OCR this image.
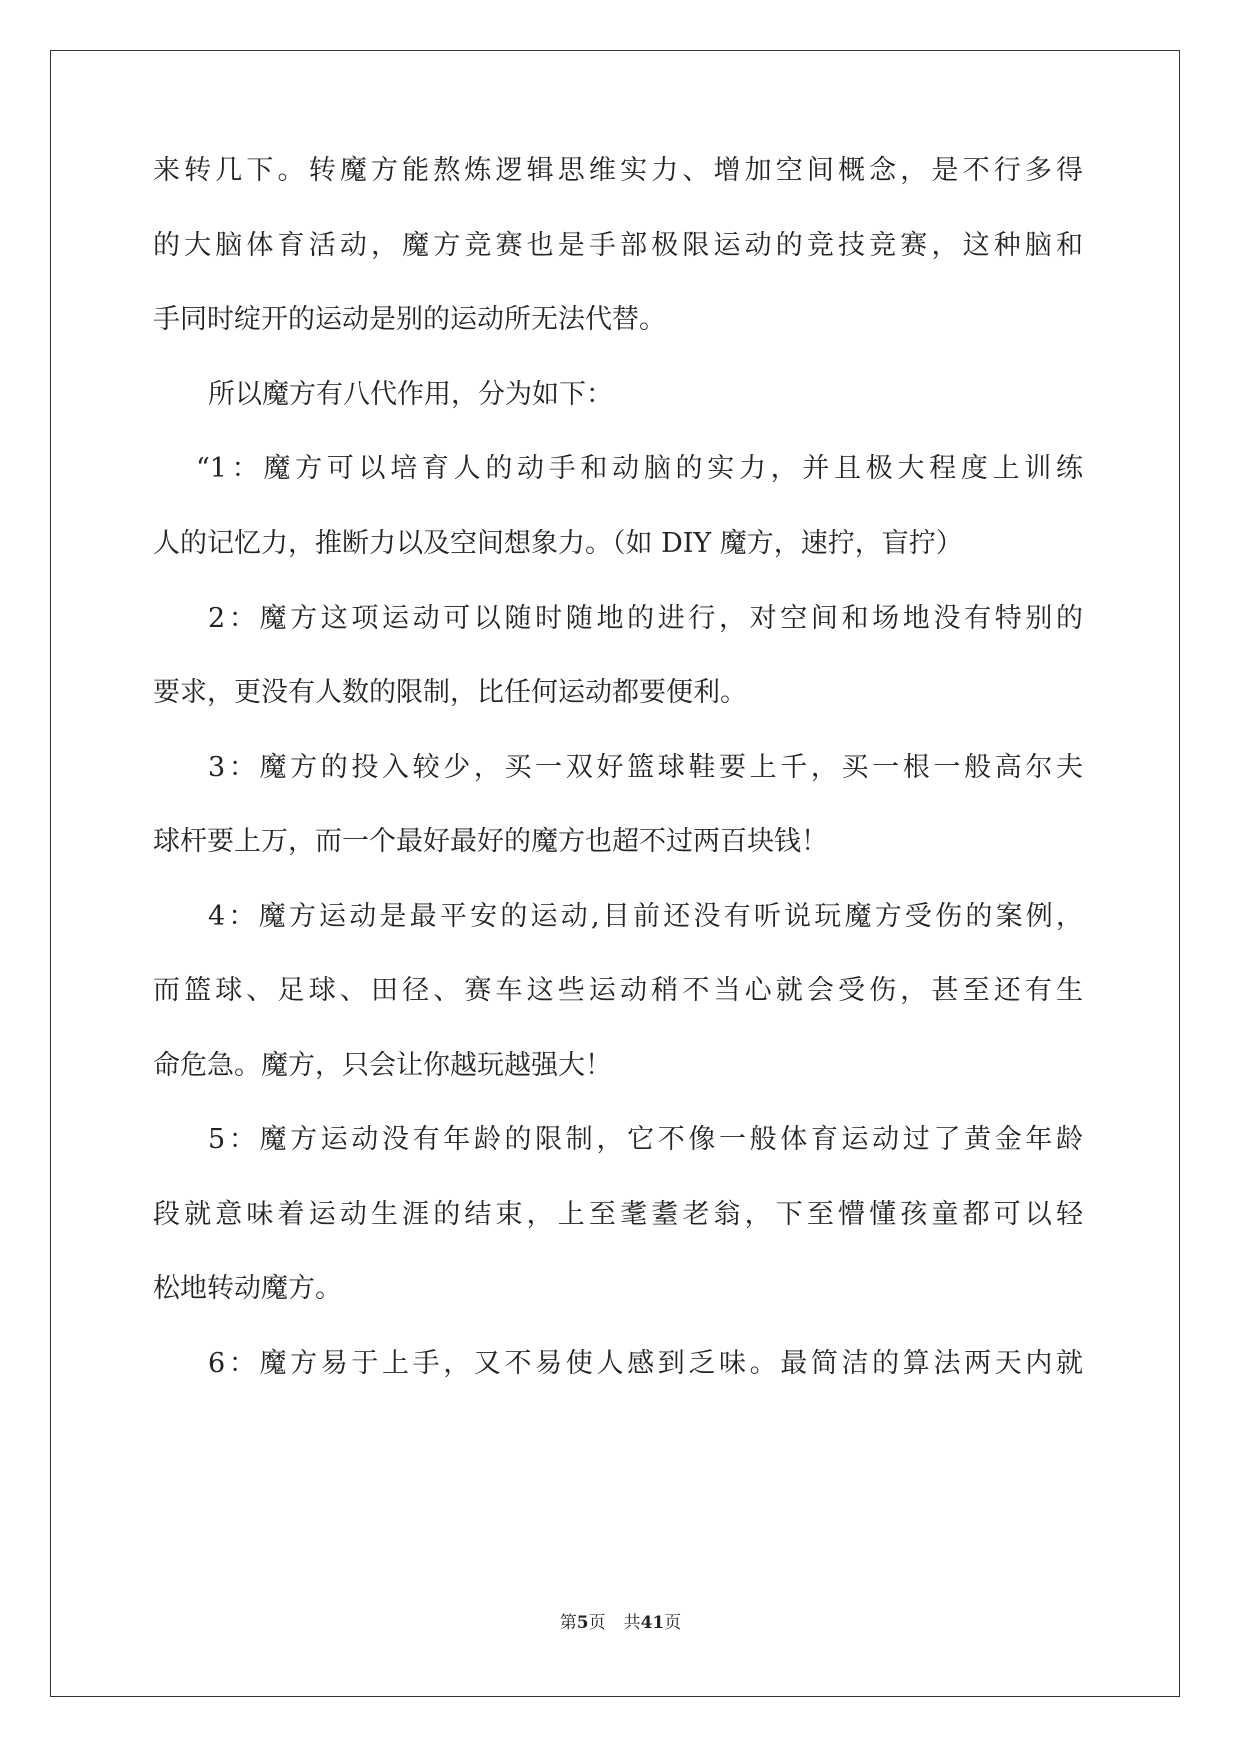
来转几下。转魔方能熬炼逻辑思维实力、增加空间概念，是不行多得
的大脑体育活动，魔方竞赛也是手部极限运动的竞技竞赛，这种脑和
手同时绽开的运动是别的运动所无法代替。
所以魔方有八代作用，分为如下：
“1：魔方可以培育人的动手和动脑的实力，并且极大程度上训练
人的记忆力，推断力以及空间想象力。（如 DIY 魔方，速拧，盲拧）
2：魔方这项运动可以随时随地的进行，对空间和场地没有特别的
要求，更没有人数的限制，比任何运动都要便利。
3：魔方的投入较少，买一双好篮球鞋要上千，买一根一般高尔夫
球杆要上万，而一个最好最好的魔方也超不过两百块钱！
4：魔方运动是最平安的运动,目前还没有听说玩魔方受伤的案例，
而篮球、足球、田径、赛车这些运动稍不当心就会受伤，甚至还有生
命危急。魔方，只会让你越玩越强大！
5：魔方运动没有年龄的限制，它不像一般体育运动过了黄金年龄
段就意味着运动生涯的结束，上至耄耋老翁，下至懵懂孩童都可以轻
松地转动魔方。
6：魔方易于上手，又不易使人感到乏味。最简洁的算法两天内就
第5页 共41页
